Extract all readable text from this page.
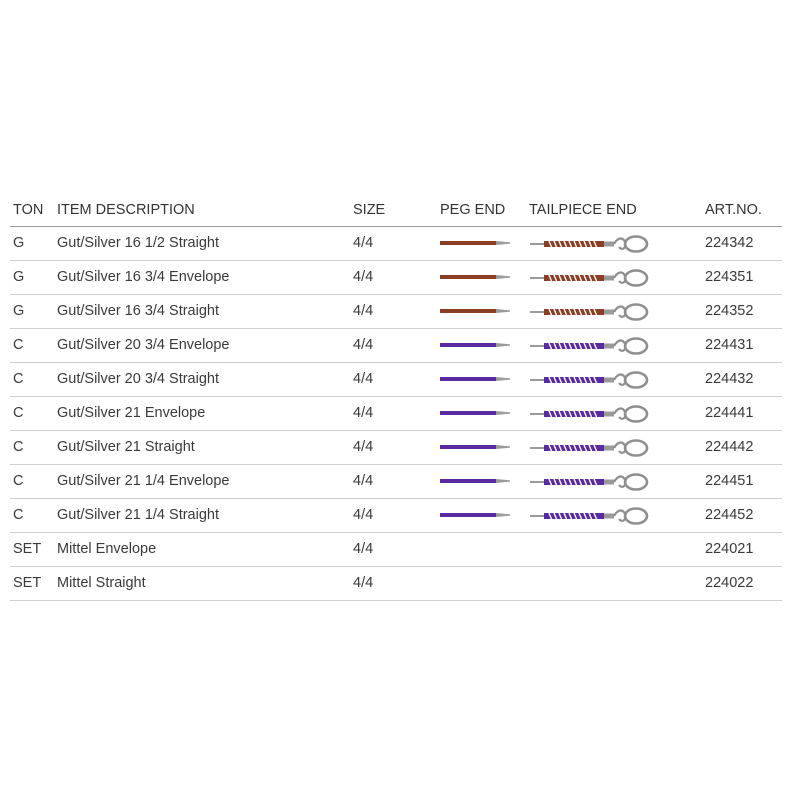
TON ITEM DESCRIPTION	SIZE	PEG END TAILPIECE END	ART.NO.
G Gut/Silver 16 1/2 Straight	4/4	224342
G Gut/Silver 16 3/4 Envelope	4/4	224351
G Gut/Silver 16 3/4 Straight	4/4	224352
C Gut/Silver 20 3/4 Envelope	4/4	224431
C Gut/Silver 20 3/4 Straight	4/4	224432
C Gut/Silver 21 Envelope	4/4	224441
C Gut/Silver 21 Straight	4/4	224442
C Gut/Silver 21 1/4 Envelope	4/4	224451
C Gut/Silver 21 1/4 Straight	4/4	224452
SET Mittel Envelope	4/4	224021
SET Mittel Straight	4/4	224022
